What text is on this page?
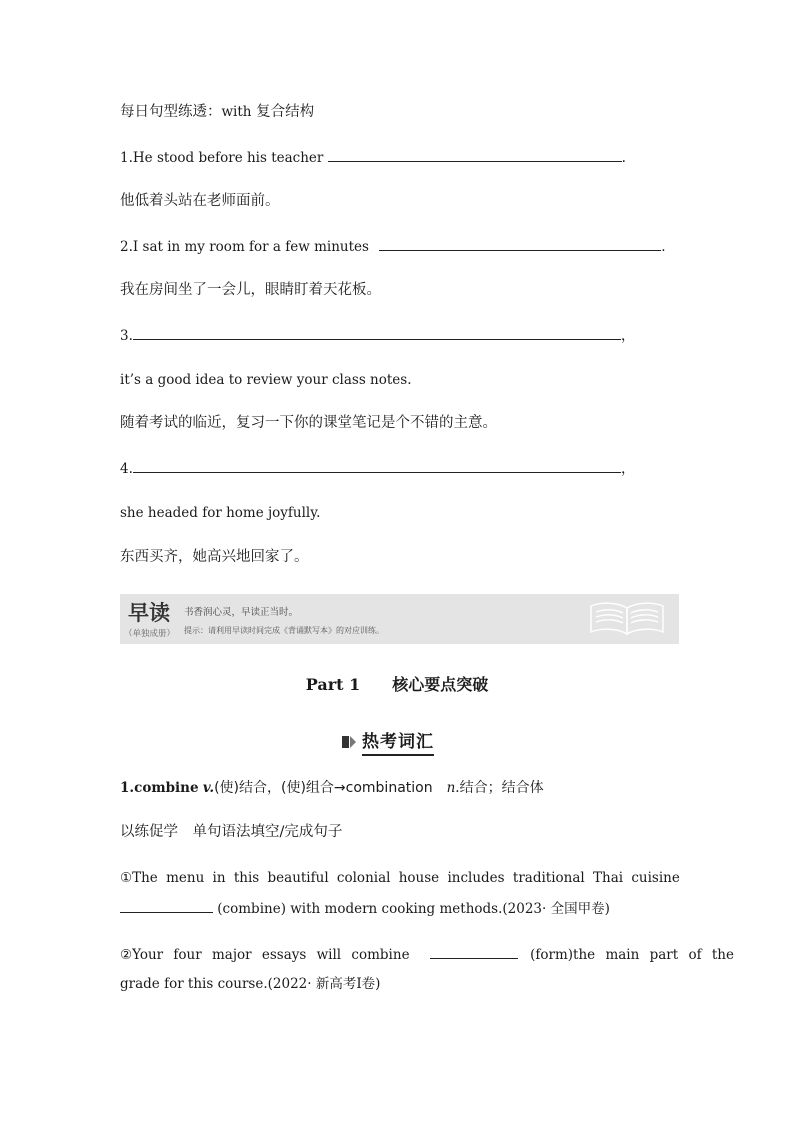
每日句型练透：with 复合结构
1.He stood before his teacher	.
他低着头站在老师面前。
2.I sat in my room for a few minutes	.
我在房间坐了一会儿，眼睛盯着天花板。
3.	，
it’s a good idea to review your class notes.
随着考试的临近，复习一下你的课堂笔记是个不错的主意。
4.	，
she headed for home joyfully.
东西买齐，她高兴地回家了。
早读
（单独成册）
书香润心灵，早读正当时。
提示：请利用早读时间完成《背诵默写本》的对应训练。
Part 1　　核心要点突破
热考词汇
1.combine v.(使)结合，(使)组合→combination　n.结合；结合体
以练促学　单句语法填空/完成句子
①The menu in this beautiful colonial house includes traditional Thai cuisine
(combine) with modern cooking methods.(2023· 全国甲卷)
②Your four major essays will combine	(form)the main part of the
grade for this course.(2022· 新高考Ⅰ卷)
